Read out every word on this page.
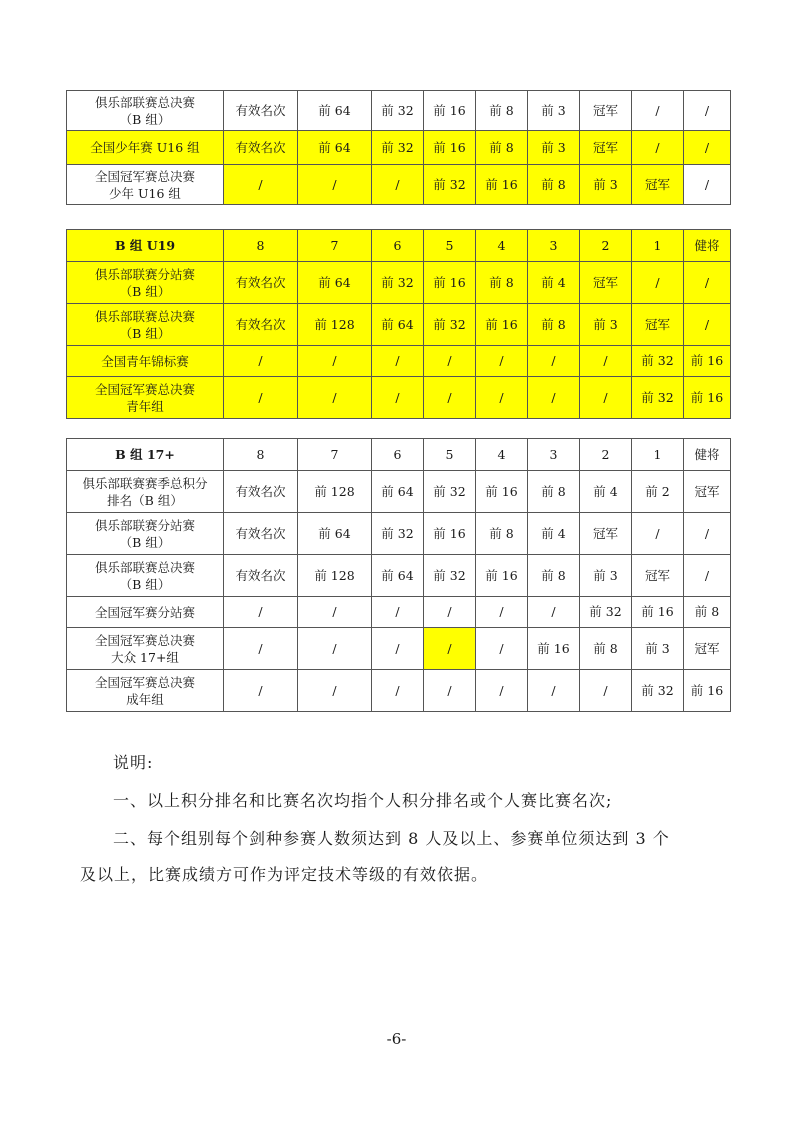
俱乐部联赛总决赛
（B 组）	有效名次	前 64	前 32	前 16	前 8	前 3	冠军	/	/
全国少年赛 U16 组	有效名次	前 64	前 32	前 16	前 8	前 3	冠军	/	/
全国冠军赛总决赛
少年 U16 组	/	/	/	前 32	前 16	前 8	前 3	冠军	/
B 组 U19	8	7	6	5	4	3	2	1	健将
俱乐部联赛分站赛
（B 组）	有效名次	前 64	前 32	前 16	前 8	前 4	冠军	/	/
俱乐部联赛总决赛
（B 组）	有效名次	前 128	前 64	前 32	前 16	前 8	前 3	冠军	/
全国青年锦标赛	/	/	/	/	/	/	/	前 32	前 16
全国冠军赛总决赛
青年组	/	/	/	/	/	/	/	前 32	前 16
B 组 17+	8	7	6	5	4	3	2	1	健将
俱乐部联赛赛季总积分
排名（B 组）	有效名次	前 128	前 64	前 32	前 16	前 8	前 4	前 2	冠军
俱乐部联赛分站赛
（B 组）	有效名次	前 64	前 32	前 16	前 8	前 4	冠军	/	/
俱乐部联赛总决赛
（B 组）	有效名次	前 128	前 64	前 32	前 16	前 8	前 3	冠军	/
全国冠军赛分站赛	/	/	/	/	/	/	前 32	前 16	前 8
全国冠军赛总决赛
大众 17+组	/	/	/	/	/	前 16	前 8	前 3	冠军
全国冠军赛总决赛
成年组	/	/	/	/	/	/	/	前 32	前 16
说明:
一、以上积分排名和比赛名次均指个人积分排名或个人赛比赛名次;
二、每个组别每个剑种参赛人数须达到 8 人及以上、参赛单位须达到 3 个
及以上，比赛成绩方可作为评定技术等级的有效依据。
-6-
